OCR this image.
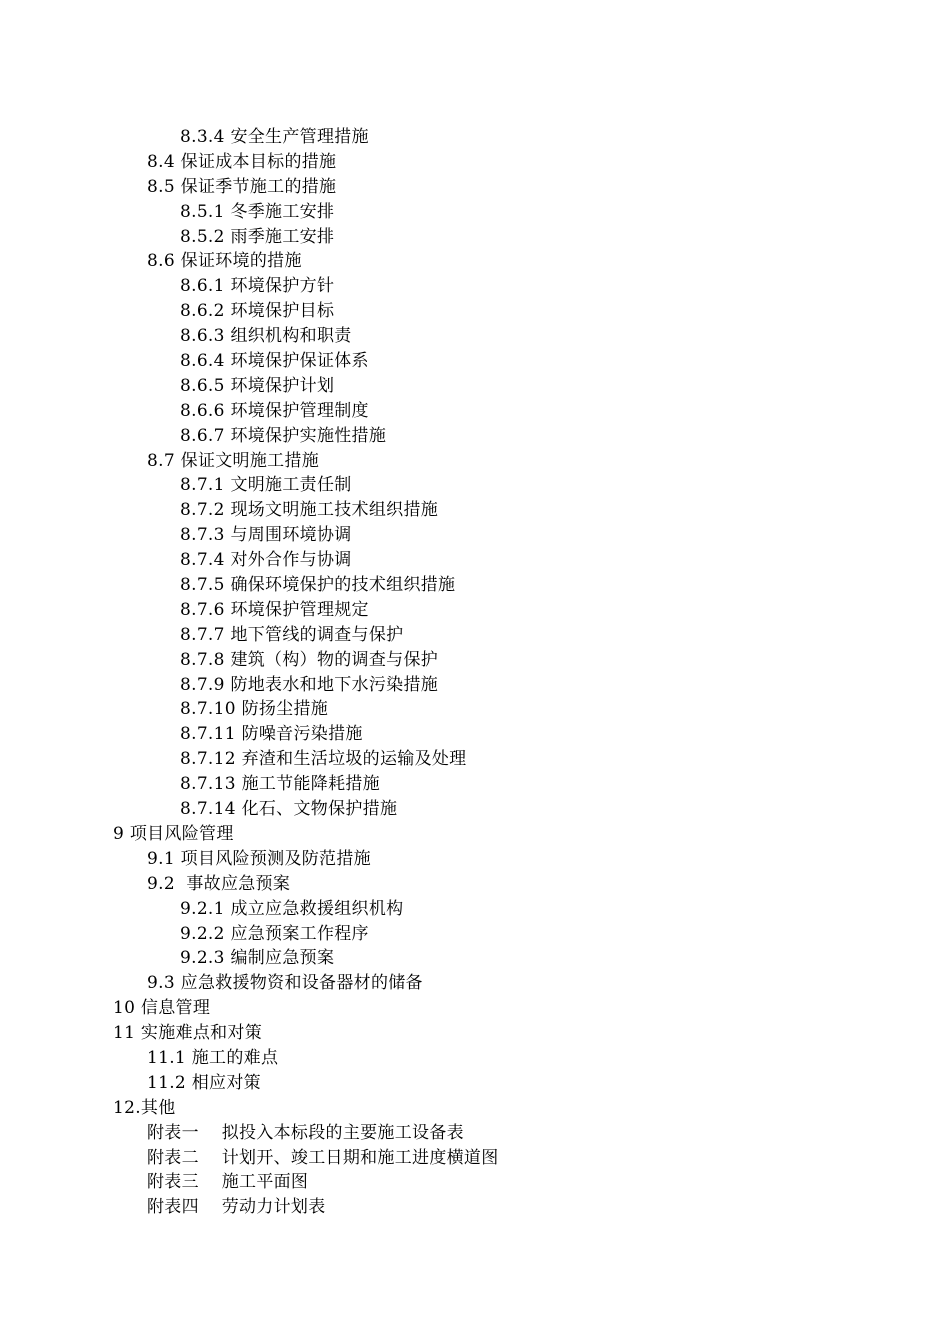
8.3.4 安全生产管理措施
8.4 保证成本目标的措施
8.5 保证季节施工的措施
8.5.1 冬季施工安排
8.5.2 雨季施工安排
8.6 保证环境的措施
8.6.1 环境保护方针
8.6.2 环境保护目标
8.6.3 组织机构和职责
8.6.4 环境保护保证体系
8.6.5 环境保护计划
8.6.6 环境保护管理制度
8.6.7 环境保护实施性措施
8.7 保证文明施工措施
8.7.1 文明施工责任制
8.7.2 现场文明施工技术组织措施
8.7.3 与周围环境协调
8.7.4 对外合作与协调
8.7.5 确保环境保护的技术组织措施
8.7.6 环境保护管理规定
8.7.7 地下管线的调查与保护
8.7.8 建筑（构）物的调查与保护
8.7.9 防地表水和地下水污染措施
8.7.10 防扬尘措施
8.7.11 防噪音污染措施
8.7.12 弃渣和生活垃圾的运输及处理
8.7.13 施工节能降耗措施
8.7.14 化石、文物保护措施
9 项目风险管理
9.1 项目风险预测及防范措施
9.2  事故应急预案
9.2.1 成立应急救援组织机构
9.2.2 应急预案工作程序
9.2.3 编制应急预案
9.3 应急救援物资和设备器材的储备
10 信息管理
11 实施难点和对策
11.1 施工的难点
11.2 相应对策
12.其他
附表一    拟投入本标段的主要施工设备表
附表二    计划开、竣工日期和施工进度横道图
附表三    施工平面图
附表四    劳动力计划表
